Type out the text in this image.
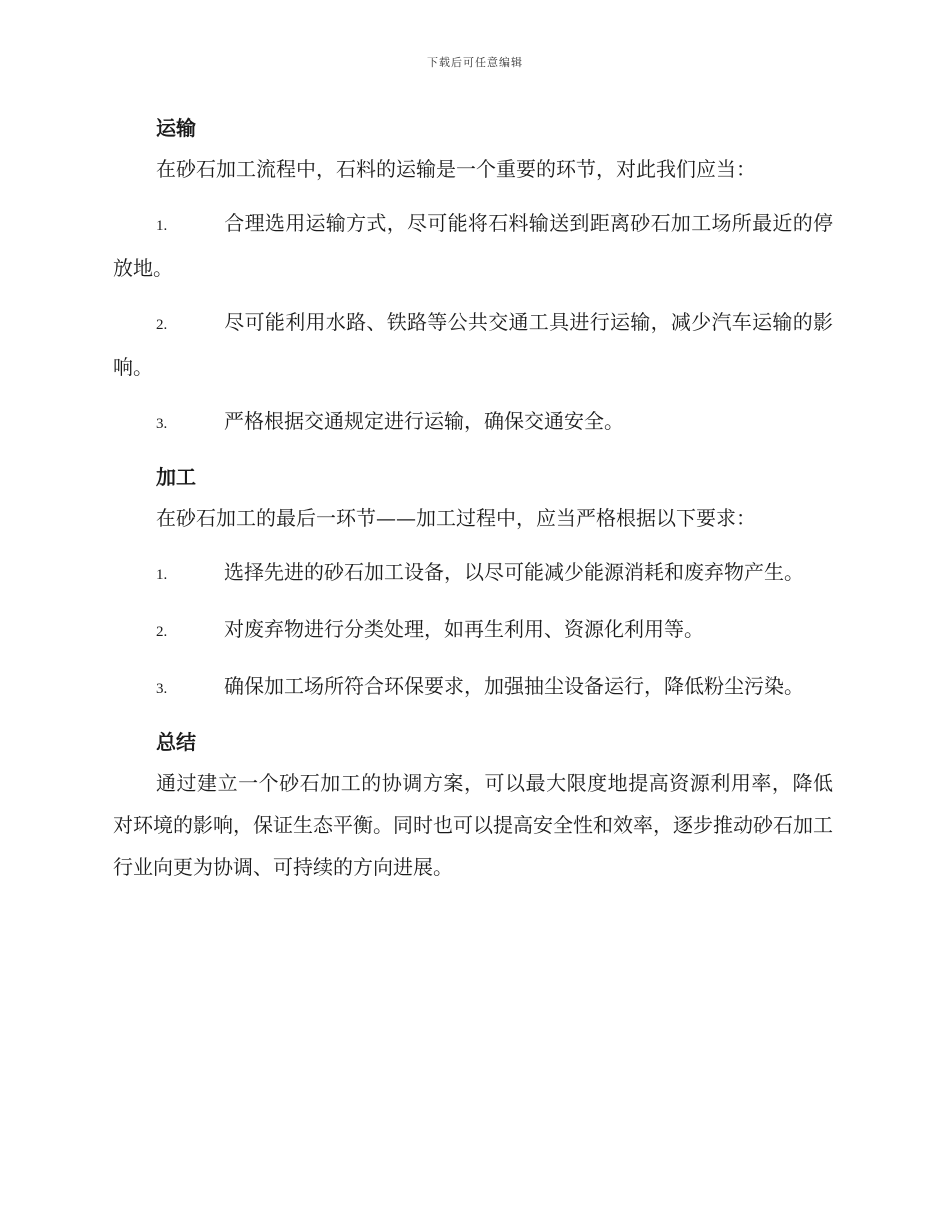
下载后可任意编辑
运输

在砂石加工流程中，石料的运输是一个重要的环节，对此我们应当：

1.	合理选用运输方式，尽可能将石料输送到距离砂石加工场所最近的停放地。

2.	尽可能利用水路、铁路等公共交通工具进行运输，减少汽车运输的影响。

3.	严格根据交通规定进行运输，确保交通安全。

加工

在砂石加工的最后一环节——加工过程中，应当严格根据以下要求：

1.	选择先进的砂石加工设备，以尽可能减少能源消耗和废弃物产生。

2.	对废弃物进行分类处理，如再生利用、资源化利用等。

3.	确保加工场所符合环保要求，加强抽尘设备运行，降低粉尘污染。

总结

通过建立一个砂石加工的协调方案，可以最大限度地提高资源利用率，降低对环境的影响，保证生态平衡。同时也可以提高安全性和效率，逐步推动砂石加工行业向更为协调、可持续的方向进展。
